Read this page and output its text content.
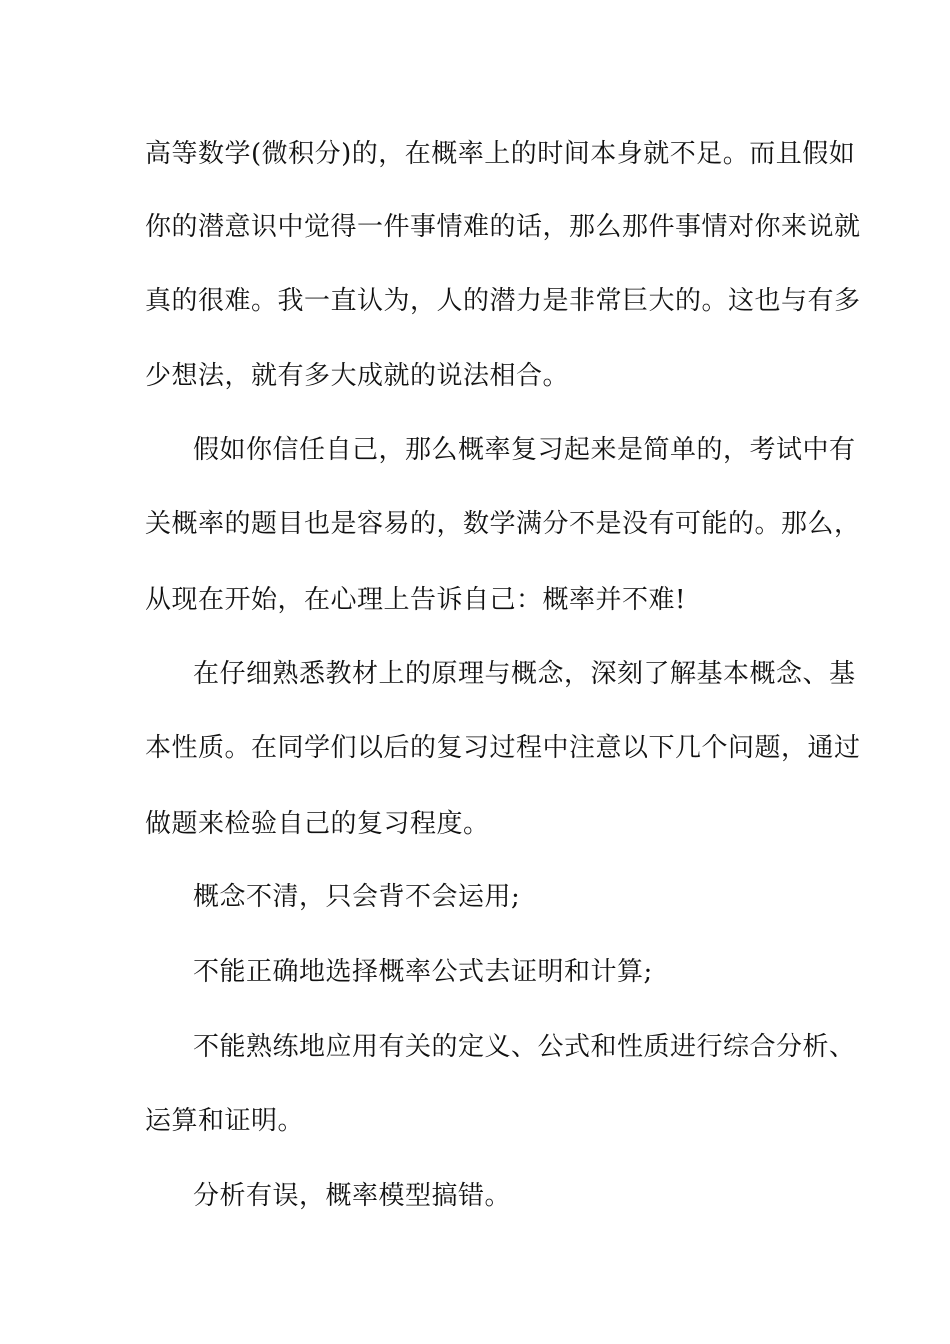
高等数学(微积分)的，在概率上的时间本身就不足。而且假如
你的潜意识中觉得一件事情难的话，那么那件事情对你来说就
真的很难。我一直认为，人的潜力是非常巨大的。这也与有多
少想法，就有多大成就的说法相合。
假如你信任自己，那么概率复习起来是简单的，考试中有
关概率的题目也是容易的，数学满分不是没有可能的。那么，
从现在开始，在心理上告诉自己：概率并不难!
在仔细熟悉教材上的原理与概念，深刻了解基本概念、基
本性质。在同学们以后的复习过程中注意以下几个问题，通过
做题来检验自己的复习程度。
概念不清，只会背不会运用;
不能正确地选择概率公式去证明和计算;
不能熟练地应用有关的定义、公式和性质进行综合分析、
运算和证明。
分析有误，概率模型搞错。
